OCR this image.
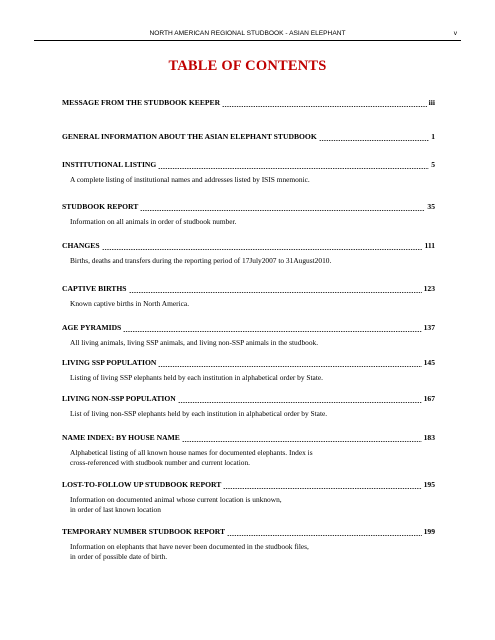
NORTH AMERICAN REGIONAL STUDBOOK - ASIAN ELEPHANT	v
TABLE OF CONTENTS
MESSAGE FROM THE STUDBOOK KEEPER	iii
GENERAL INFORMATION ABOUT THE ASIAN ELEPHANT STUDBOOK	1
INSTITUTIONAL LISTING	5
A complete listing of institutional names and addresses listed by ISIS mnemonic.
STUDBOOK REPORT	35
Information on all animals in order of studbook number.
CHANGES	111
Births, deaths and transfers during the reporting period of 17July2007 to 31August2010.
CAPTIVE BIRTHS	123
Known captive births in North America.
AGE PYRAMIDS	137
All living animals, living SSP animals, and living non-SSP animals in the studbook.
LIVING SSP POPULATION	145
Listing of living SSP elephants held by each institution in alphabetical order by State.
LIVING NON-SSP POPULATION	167
List of living non-SSP elephants held by each institution in alphabetical order by State.
NAME INDEX: BY HOUSE NAME	183
Alphabetical listing of all known house names for documented elephants. Index is
cross-referenced with studbook number and current location.
LOST-TO-FOLLOW UP STUDBOOK REPORT	195
Information on documented animal whose current location is unknown,
in order of last known location
TEMPORARY NUMBER STUDBOOK REPORT	199
Information on elephants that have never been documented in the studbook files,
in order of possible date of birth.
